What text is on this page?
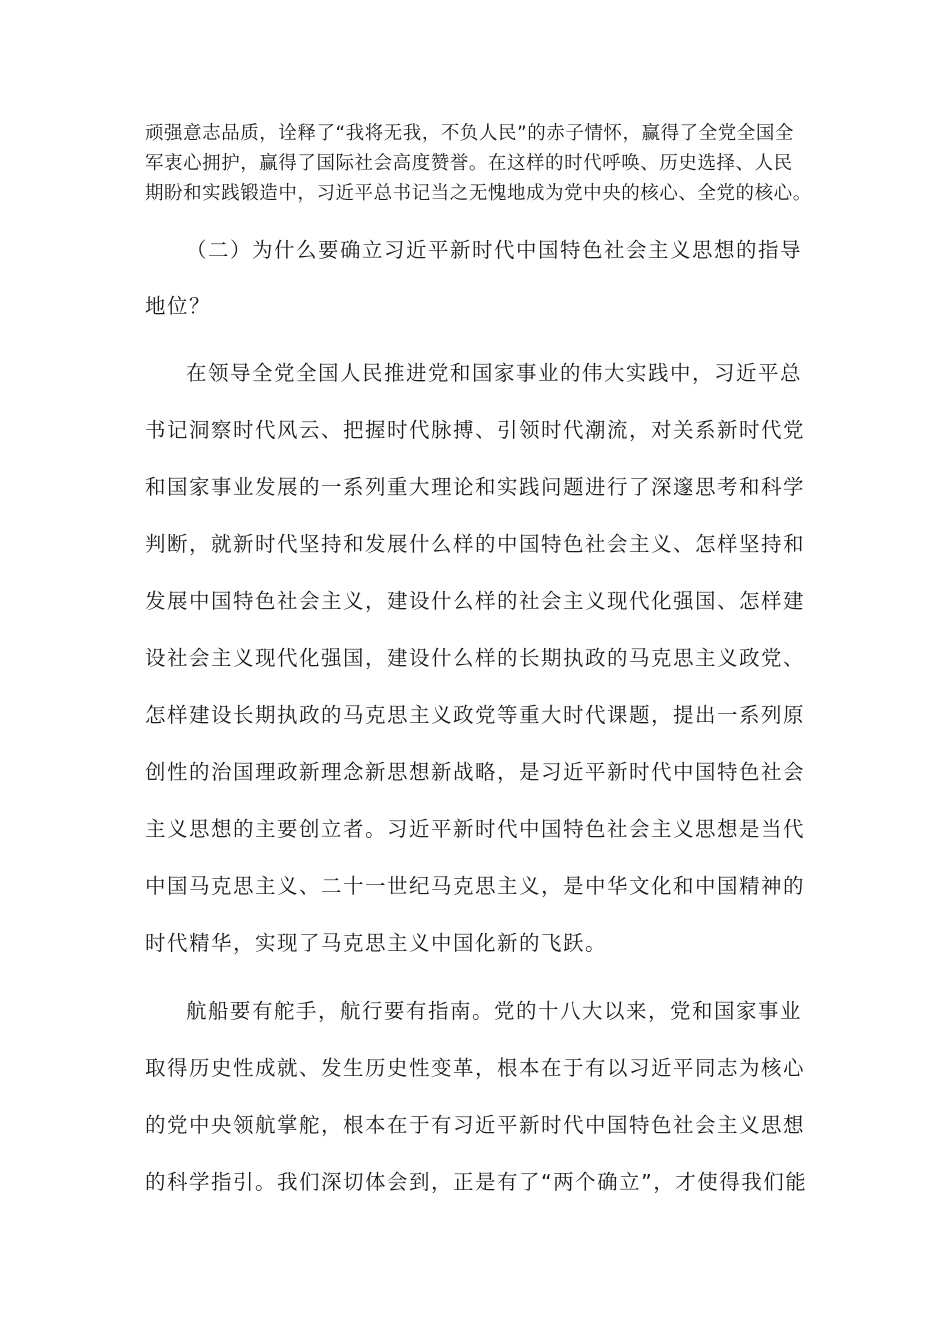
顽强意志品质，诠释了“我将无我，不负人民”的赤子情怀，赢得了全党全国全

军衷心拥护，赢得了国际社会高度赞誉。在这样的时代呼唤、历史选择、人民

期盼和实践锻造中，习近平总书记当之无愧地成为党中央的核心、全党的核心。

（二）为什么要确立习近平新时代中国特色社会主义思想的指导

地位？

在领导全党全国人民推进党和国家事业的伟大实践中，习近平总

书记洞察时代风云、把握时代脉搏、引领时代潮流，对关系新时代党

和国家事业发展的一系列重大理论和实践问题进行了深邃思考和科学

判断，就新时代坚持和发展什么样的中国特色社会主义、怎样坚持和

发展中国特色社会主义，建设什么样的社会主义现代化强国、怎样建

设社会主义现代化强国，建设什么样的长期执政的马克思主义政党、

怎样建设长期执政的马克思主义政党等重大时代课题，提出一系列原

创性的治国理政新理念新思想新战略，是习近平新时代中国特色社会

主义思想的主要创立者。习近平新时代中国特色社会主义思想是当代

中国马克思主义、二十一世纪马克思主义，是中华文化和中国精神的

时代精华，实现了马克思主义中国化新的飞跃。

航船要有舵手，航行要有指南。党的十八大以来，党和国家事业

取得历史性成就、发生历史性变革，根本在于有以习近平同志为核心

的党中央领航掌舵，根本在于有习近平新时代中国特色社会主义思想

的科学指引。我们深切体会到，正是有了“两个确立”，才使得我们能
